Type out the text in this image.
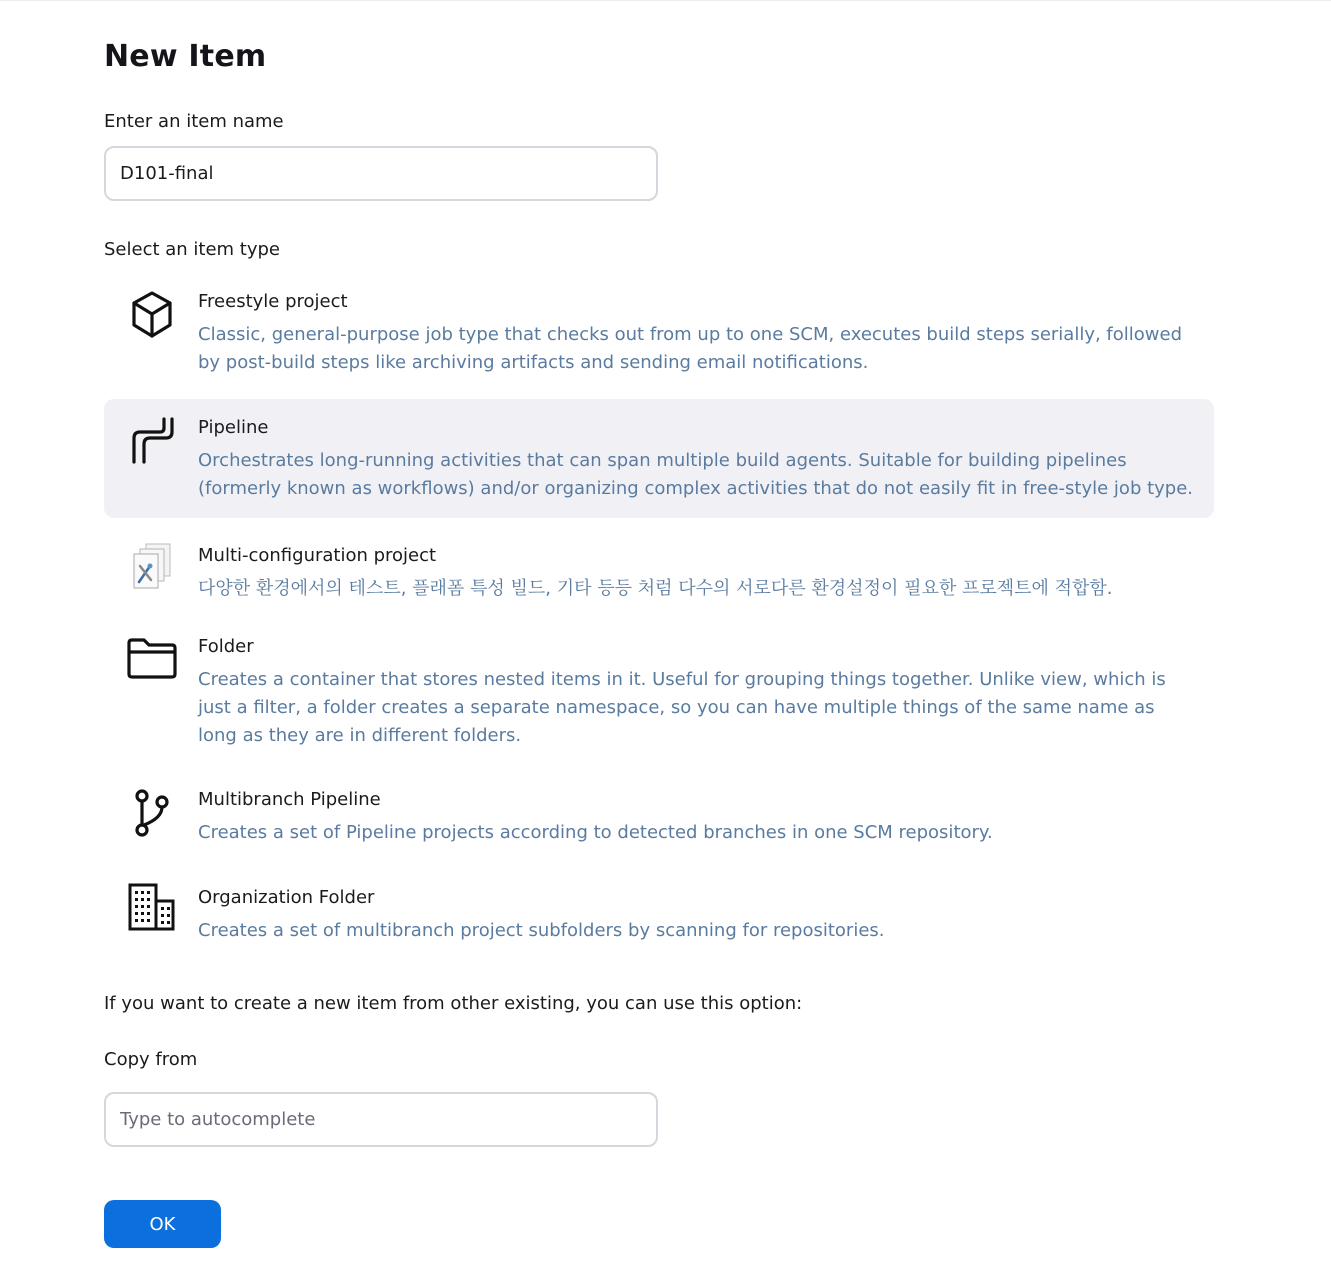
New Item
Enter an item name
D101-final
Select an item type
Freestyle project
Classic, general-purpose job type that checks out from up to one SCM, executes build steps serially, followed by post-build steps like archiving artifacts and sending email notifications.
Pipeline
Orchestrates long-running activities that can span multiple build agents. Suitable for building pipelines (formerly known as workflows) and/or organizing complex activities that do not easily fit in free-style job type.
Multi-configuration project
다양한 환경에서의 테스트, 플래폼 특성 빌드, 기타 등등 처럼 다수의 서로다른 환경설정이 필요한 프로젝트에 적합함.
Folder
Creates a container that stores nested items in it. Useful for grouping things together. Unlike view, which is just a filter, a folder creates a separate namespace, so you can have multiple things of the same name as long as they are in different folders.
Multibranch Pipeline
Creates a set of Pipeline projects according to detected branches in one SCM repository.
Organization Folder
Creates a set of multibranch project subfolders by scanning for repositories.
If you want to create a new item from other existing, you can use this option:
Copy from
Type to autocomplete
OK
